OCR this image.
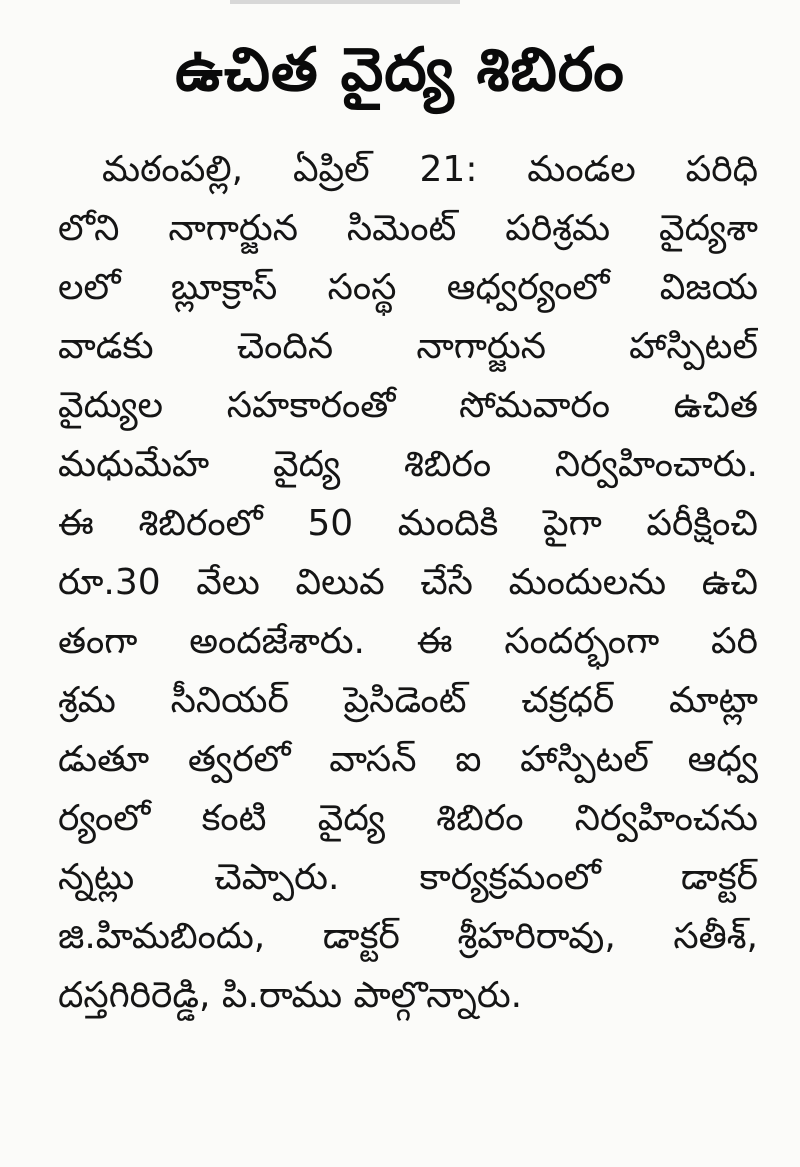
ఉచిత వైద్య శిబిరం
మఠంపల్లి, ఏప్రిల్ 21: మండల పరిధి
లోని నాగార్జున సిమెంట్ పరిశ్రమ వైద్యశా
లలో బ్లూక్రాస్ సంస్థ ఆధ్వర్యంలో విజయ
వాడకు చెందిన నాగార్జున హాస్పిటల్
వైద్యుల సహకారంతో సోమవారం ఉచిత
మధుమేహ వైద్య శిబిరం నిర్వహించారు.
ఈ శిబిరంలో 50 మందికి పైగా పరీక్షించి
రూ.30 వేలు విలువ చేసే మందులను ఉచి
తంగా అందజేశారు. ఈ సందర్భంగా పరి
శ్రమ సీనియర్ ప్రెసిడెంట్ చక్రధర్ మాట్లా
డుతూ త్వరలో వాసన్ ఐ హాస్పిటల్ ఆధ్వ
ర్యంలో కంటి వైద్య శిబిరం నిర్వహించను
న్నట్లు చెప్పారు. కార్యక్రమంలో డాక్టర్
జి.హిమబిందు, డాక్టర్ శ్రీహరిరావు, సతీశ్,
దస్తగిరిరెడ్డి, పి.రాము పాల్గొన్నారు.
